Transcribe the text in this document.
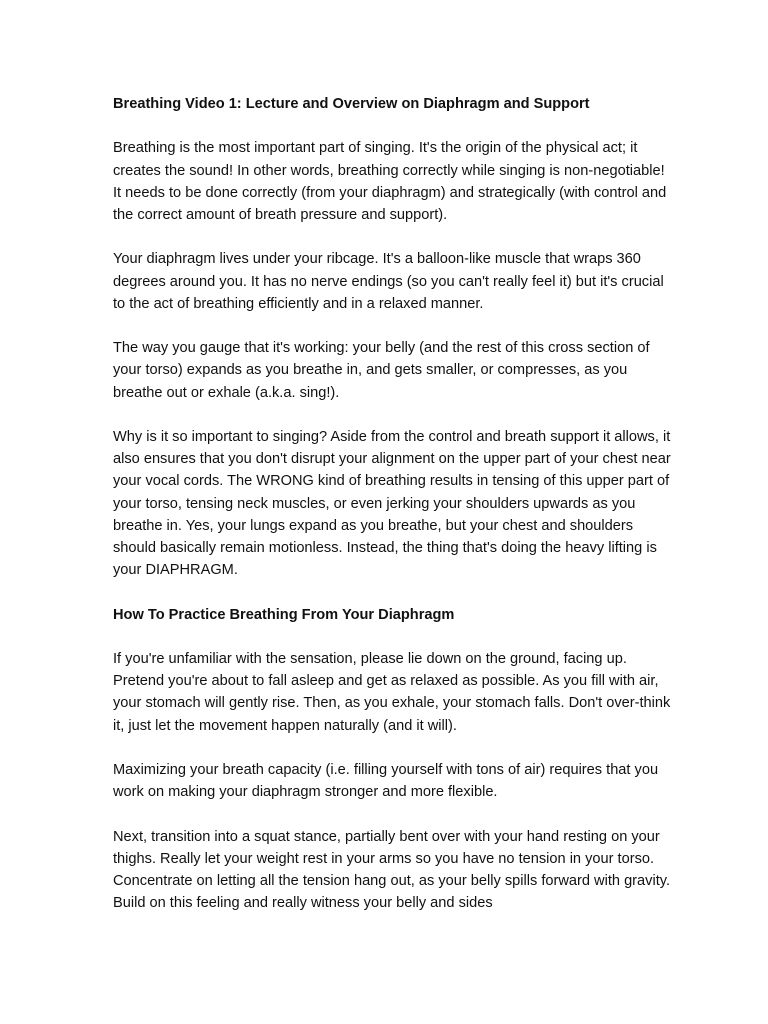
Breathing Video 1: Lecture and Overview on Diaphragm and Support

Breathing is the most important part of singing. It's the origin of the physical act; it creates the sound! In other words, breathing correctly while singing is non-negotiable! It needs to be done correctly (from your diaphragm) and strategically (with control and the correct amount of breath pressure and support).

Your diaphragm lives under your ribcage. It's a balloon-like muscle that wraps 360 degrees around you. It has no nerve endings (so you can't really feel it) but it's crucial to the act of breathing efficiently and in a relaxed manner.

The way you gauge that it's working: your belly (and the rest of this cross section of your torso) expands as you breathe in, and gets smaller, or compresses, as you breathe out or exhale (a.k.a. sing!).

Why is it so important to singing? Aside from the control and breath support it allows, it also ensures that you don't disrupt your alignment on the upper part of your chest near your vocal cords. The WRONG kind of breathing results in tensing of this upper part of your torso, tensing neck muscles, or even jerking your shoulders upwards as you breathe in. Yes, your lungs expand as you breathe, but your chest and shoulders should basically remain motionless. Instead, the thing that's doing the heavy lifting is your DIAPHRAGM.

How To Practice Breathing From Your Diaphragm

If you're unfamiliar with the sensation, please lie down on the ground, facing up. Pretend you're about to fall asleep and get as relaxed as possible. As you fill with air, your stomach will gently rise. Then, as you exhale, your stomach falls. Don't over-think it, just let the movement happen naturally (and it will).

Maximizing your breath capacity (i.e. filling yourself with tons of air) requires that you work on making your diaphragm stronger and more flexible.

Next, transition into a squat stance, partially bent over with your hand resting on your thighs. Really let your weight rest in your arms so you have no tension in your torso. Concentrate on letting all the tension hang out, as your belly spills forward with gravity. Build on this feeling and really witness your belly and sides
